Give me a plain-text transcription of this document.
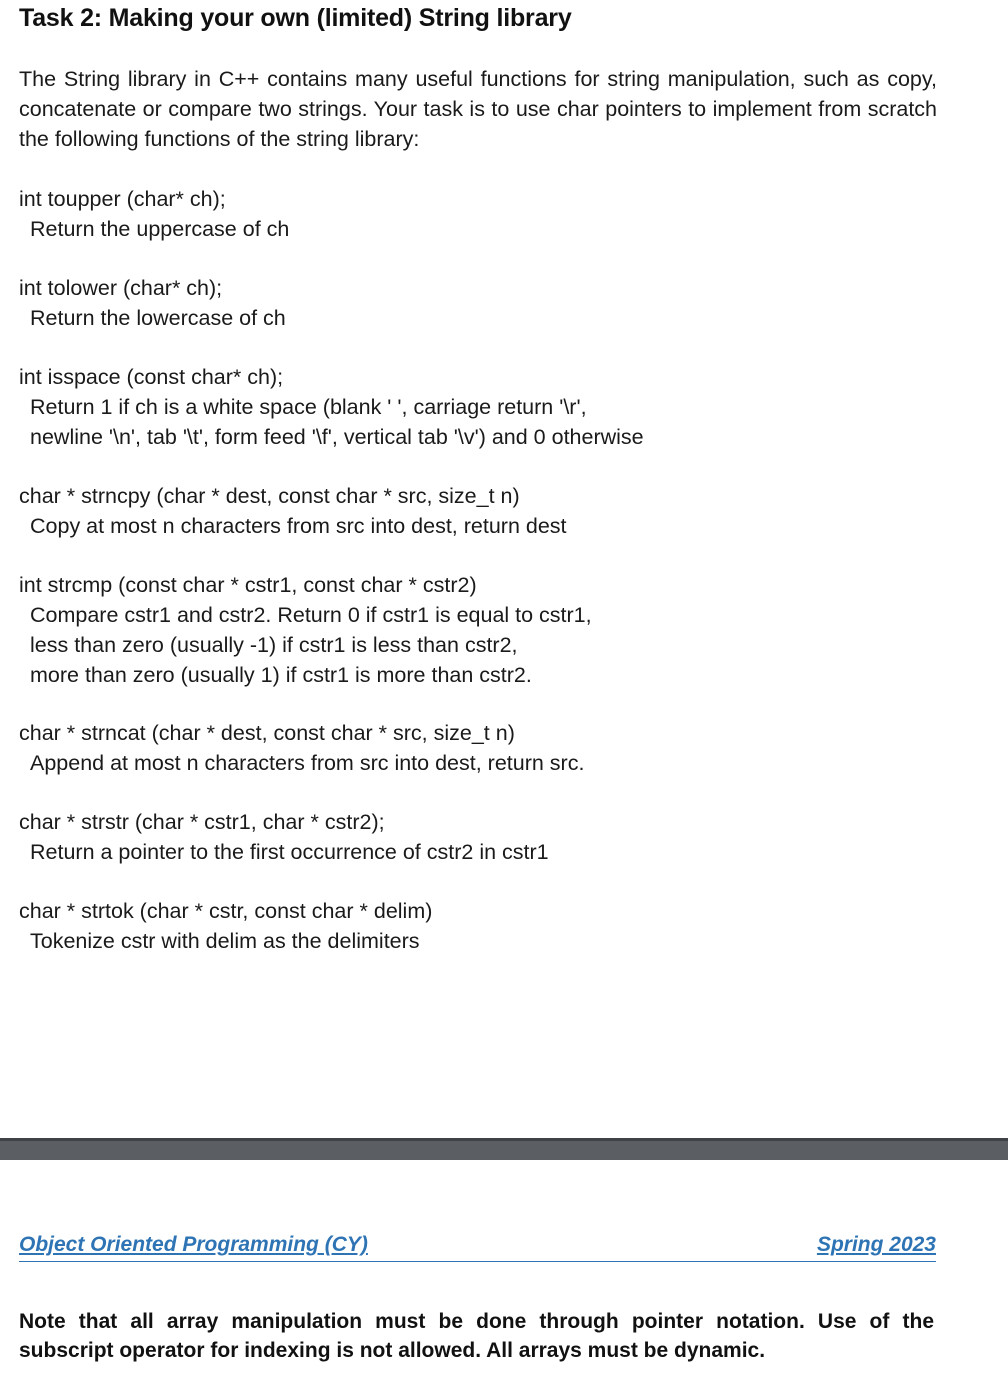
Task 2: Making your own (limited) String library
The String library in C++ contains many useful functions for string manipulation, such as copy, concatenate or compare two strings. Your task is to use char pointers to implement from scratch the following functions of the string library:
int toupper (char* ch);
Return the uppercase of ch
int tolower (char* ch);
Return the lowercase of ch
int isspace (const char* ch);
Return 1 if ch is a white space (blank ' ', carriage return '\r',
newline '\n', tab '\t', form feed '\f', vertical tab '\v') and 0 otherwise
char * strncpy (char * dest, const char * src, size_t n)
Copy at most n characters from src into dest, return dest
int strcmp (const char * cstr1, const char * cstr2)
Compare cstr1 and cstr2. Return 0 if cstr1 is equal to cstr1,
less than zero (usually -1) if cstr1 is less than cstr2,
more than zero (usually 1) if cstr1 is more than cstr2.
char * strncat (char * dest, const char * src, size_t n)
Append at most n characters from src into dest, return src.
char * strstr (char * cstr1, char * cstr2);
Return a pointer to the first occurrence of cstr2 in cstr1
char * strtok (char * cstr, const char * delim)
Tokenize cstr with delim as the delimiters
Object Oriented Programming (CY)	Spring 2023
Note that all array manipulation must be done through pointer notation. Use of the subscript operator for indexing is not allowed. All arrays must be dynamic.
